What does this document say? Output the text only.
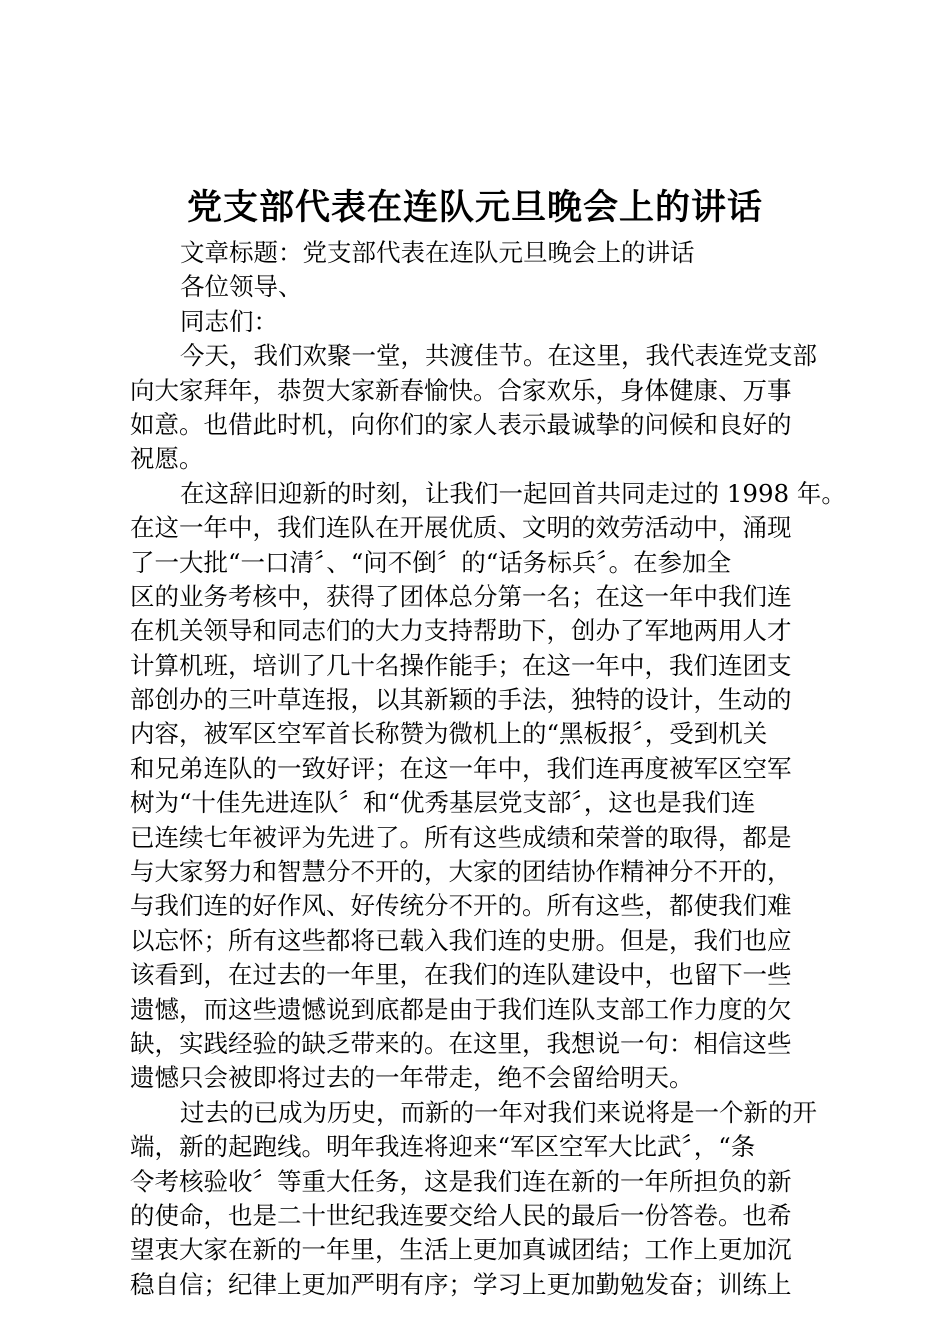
党支部代表在连队元旦晚会上的讲话
文章标题：党支部代表在连队元旦晚会上的讲话
各位领导、
同志们：
今天，我们欢聚一堂，共渡佳节。在这里，我代表连党支部
向大家拜年，恭贺大家新春愉快。合家欢乐，身体健康、万事
如意。也借此时机，向你们的家人表示最诚挚的问候和良好的
祝愿。
在这辞旧迎新的时刻，让我们一起回首共同走过的 1998 年。
在这一年中，我们连队在开展优质、文明的效劳活动中，涌现
了一大批“一口清〞、“问不倒〞的“话务标兵〞。在参加全
区的业务考核中，获得了团体总分第一名；在这一年中我们连
在机关领导和同志们的大力支持帮助下，创办了军地两用人才
计算机班，培训了几十名操作能手；在这一年中，我们连团支
部创办的三叶草连报，以其新颖的手法，独特的设计，生动的
内容，被军区空军首长称赞为微机上的“黑板报〞，受到机关
和兄弟连队的一致好评；在这一年中，我们连再度被军区空军
树为“十佳先进连队〞和“优秀基层党支部〞，这也是我们连
已连续七年被评为先进了。所有这些成绩和荣誉的取得，都是
与大家努力和智慧分不开的，大家的团结协作精神分不开的，
与我们连的好作风、好传统分不开的。所有这些，都使我们难
以忘怀；所有这些都将已载入我们连的史册。但是，我们也应
该看到，在过去的一年里，在我们的连队建设中，也留下一些
遗憾，而这些遗憾说到底都是由于我们连队支部工作力度的欠
缺，实践经验的缺乏带来的。在这里，我想说一句：相信这些
遗憾只会被即将过去的一年带走，绝不会留给明天。
过去的已成为历史，而新的一年对我们来说将是一个新的开
端，新的起跑线。明年我连将迎来“军区空军大比武〞，“条
令考核验收〞等重大任务，这是我们连在新的一年所担负的新
的使命，也是二十世纪我连要交给人民的最后一份答卷。也希
望衷大家在新的一年里，生活上更加真诚团结；工作上更加沉
稳自信；纪律上更加严明有序；学习上更加勤勉发奋；训练上
